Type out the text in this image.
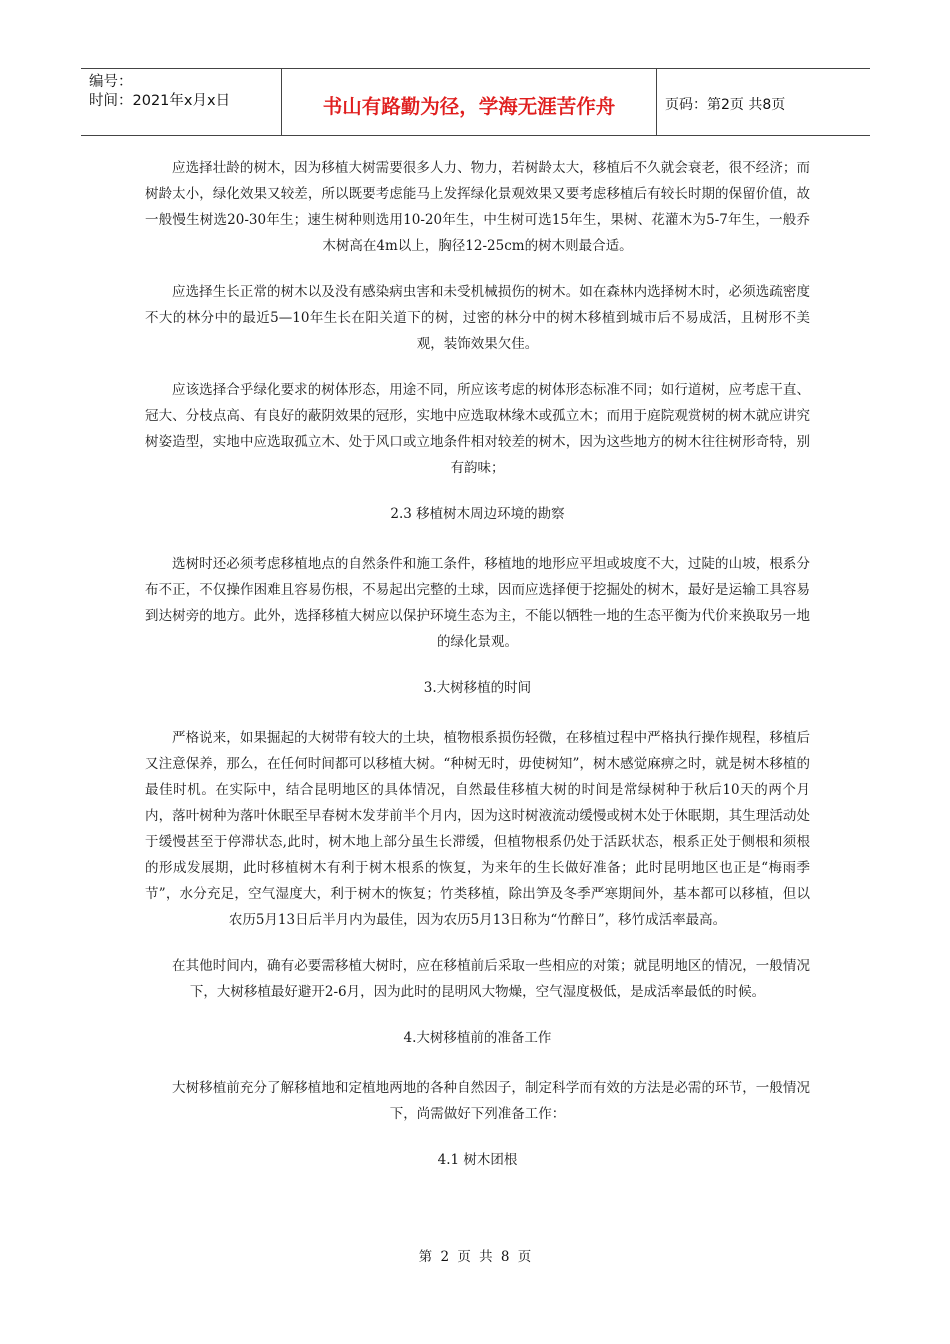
编号：
时间：2021年x月x日	书山有路勤为径，学海无涯苦作舟	页码：第2页 共8页

应选择壮龄的树木，因为移植大树需要很多人力、物力，若树龄太大，移植后不久就会衰老，很不经济；而树龄太小，绿化效果又较差，所以既要考虑能马上发挥绿化景观效果又要考虑移植后有较长时期的保留价值，故一般慢生树选20-30年生；速生树种则选用10-20年生，中生树可选15年生，果树、花灌木为5-7年生，一般乔木树高在4m以上，胸径12-25cm的树木则最合适。

应选择生长正常的树木以及没有感染病虫害和未受机械损伤的树木。如在森林内选择树木时，必须选疏密度不大的林分中的最近5—10年生长在阳关道下的树，过密的林分中的树木移植到城市后不易成活，且树形不美观，装饰效果欠佳。

应该选择合乎绿化要求的树体形态，用途不同，所应该考虑的树体形态标准不同；如行道树，应考虑干直、冠大、分枝点高、有良好的蔽阴效果的冠形，实地中应选取林缘木或孤立木；而用于庭院观赏树的树木就应讲究树姿造型，实地中应选取孤立木、处于风口或立地条件相对较差的树木，因为这些地方的树木往往树形奇特，别有韵味；

2.3 移植树木周边环境的勘察

选树时还必须考虑移植地点的自然条件和施工条件，移植地的地形应平坦或坡度不大，过陡的山坡，根系分布不正，不仅操作困难且容易伤根，不易起出完整的土球，因而应选择便于挖掘处的树木，最好是运输工具容易到达树旁的地方。此外，选择移植大树应以保护环境生态为主，不能以牺牲一地的生态平衡为代价来换取另一地的绿化景观。

3.大树移植的时间

严格说来，如果掘起的大树带有较大的土块，植物根系损伤轻微，在移植过程中严格执行操作规程，移植后又注意保养，那么，在任何时间都可以移植大树。“种树无时，毋使树知”，树木感觉麻痹之时，就是树木移植的最佳时机。在实际中，结合昆明地区的具体情况，自然最佳移植大树的时间是常绿树种于秋后10天的两个月内，落叶树种为落叶休眠至早春树木发芽前半个月内，因为这时树液流动缓慢或树木处于休眠期，其生理活动处于缓慢甚至于停滞状态,此时，树木地上部分虽生长滞缓，但植物根系仍处于活跃状态，根系正处于侧根和须根的形成发展期，此时移植树木有利于树木根系的恢复，为来年的生长做好准备；此时昆明地区也正是“梅雨季节”，水分充足，空气湿度大，利于树木的恢复；竹类移植，除出笋及冬季严寒期间外，基本都可以移植，但以农历5月13日后半月内为最佳，因为农历5月13日称为“竹醉日”，移竹成活率最高。

在其他时间内，确有必要需移植大树时，应在移植前后采取一些相应的对策；就昆明地区的情况，一般情况下，大树移植最好避开2-6月，因为此时的昆明风大物燥，空气湿度极低，是成活率最低的时候。

4.大树移植前的准备工作

大树移植前充分了解移植地和定植地两地的各种自然因子，制定科学而有效的方法是必需的环节，一般情况下，尚需做好下列准备工作：

4.1 树木团根

第 2 页 共 8 页
